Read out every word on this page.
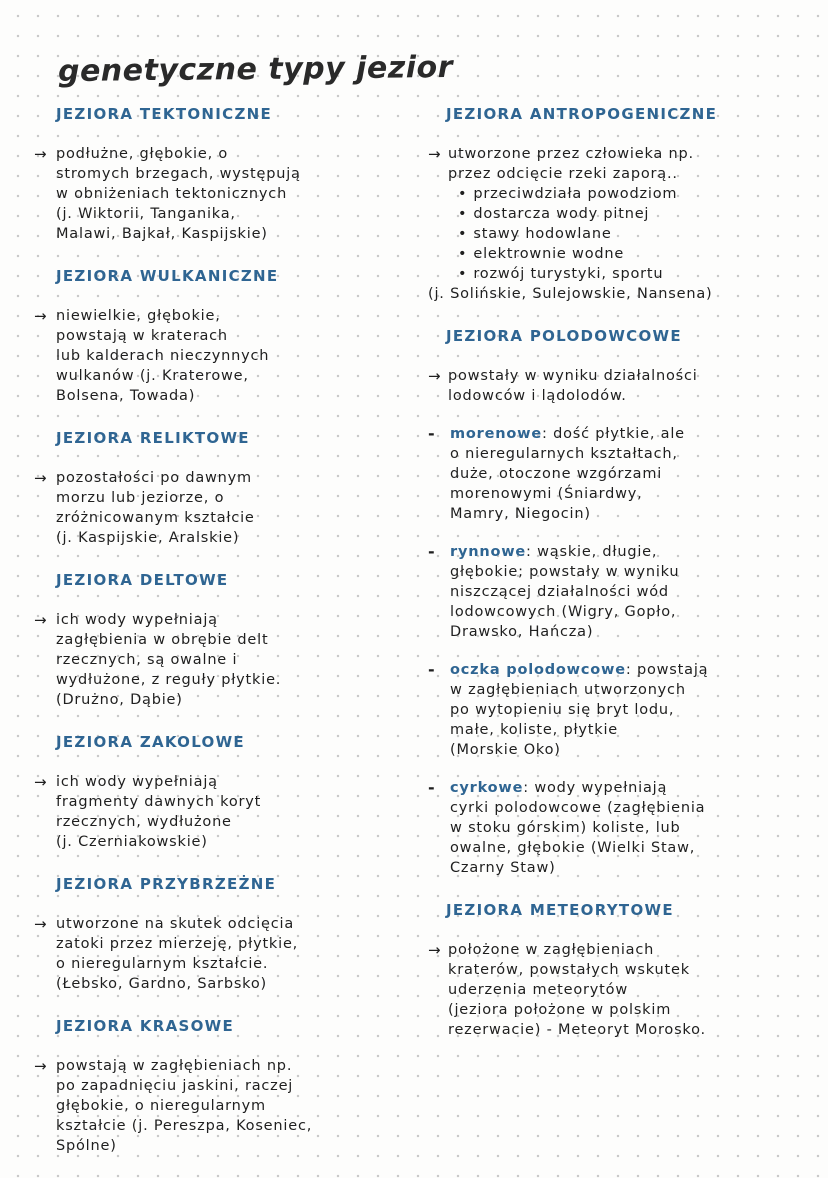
genetyczne typy jezior
JEZIORA TEKTONICZNE
→ podłużne, głębokie, o
stromych brzegach, występują
w obniżeniach tektonicznych
(j. Wiktorii, Tanganika,
Malawi, Bajkał, Kaspijskie)
JEZIORA WULKANICZNE
→ niewielkie, głębokie,
powstają w kraterach
lub kalderach nieczynnych
wulkanów (j. Kraterowe,
Bolsena, Towada)
JEZIORA RELIKTOWE
→ pozostałości po dawnym
morzu lub jeziorze, o
zróżnicowanym kształcie
(j. Kaspijskie, Aralskie)
JEZIORA DELTOWE
→ ich wody wypełniają
zagłębienia w obrębie delt
rzecznych, są owalne i
wydłużone, z reguły płytkie.
(Drużno, Dąbie)
JEZIORA ZAKOLOWE
→ ich wody wypełniają
fragmenty dawnych koryt
rzecznych, wydłużone
(j. Czerniakowskie)
JEZIORA PRZYBRZEŻNE
→ utworzone na skutek odcięcia
zatoki przez mierzeję, płytkie,
o nieregularnym kształcie.
(Łebsko, Gardno, Sarbsko)
JEZIORA KRASOWE
→ powstają w zagłębieniach np.
po zapadnięciu jaskini, raczej
głębokie, o nieregularnym
kształcie (j. Pereszpa, Koseniec,
Spólne)
JEZIORA ANTROPOGENICZNE
→ utworzone przez człowieka np.
przez odcięcie rzeki zaporą..
• przeciwdziała powodziom
• dostarcza wody pitnej
• stawy hodowlane
• elektrownie wodne
• rozwój turystyki, sportu
(j. Solińskie, Sulejowskie, Nansena)
JEZIORA POLODOWCOWE
→ powstały w wyniku działalności
lodowców i lądolodów.
- morenowe: dość płytkie, ale
o nieregularnych kształtach,
duże, otoczone wzgórzami
morenowymi (Śniardwy,
Mamry, Niegocin)
- rynnowe: wąskie, długie,
głębokie; powstały w wyniku
niszczącej działalności wód
lodowcowych (Wigry, Gopło,
Drawsko, Hańcza)
- oczka polodowcowe: powstają
w zagłębieniach utworzonych
po wytopieniu się bryt lodu,
małe, koliste, płytkie
(Morskie Oko)
- cyrkowe: wody wypełniają
cyrki polodowcowe (zagłębienia
w stoku górskim) koliste, lub
owalne, głębokie (Wielki Staw,
Czarny Staw)
JEZIORA METEORYTOWE
→ położone w zagłębieniach
kraterów, powstałych wskutek
uderzenia meteorytów
(jeziora położone w polskim
rezerwacie) - Meteoryt Morosko.
